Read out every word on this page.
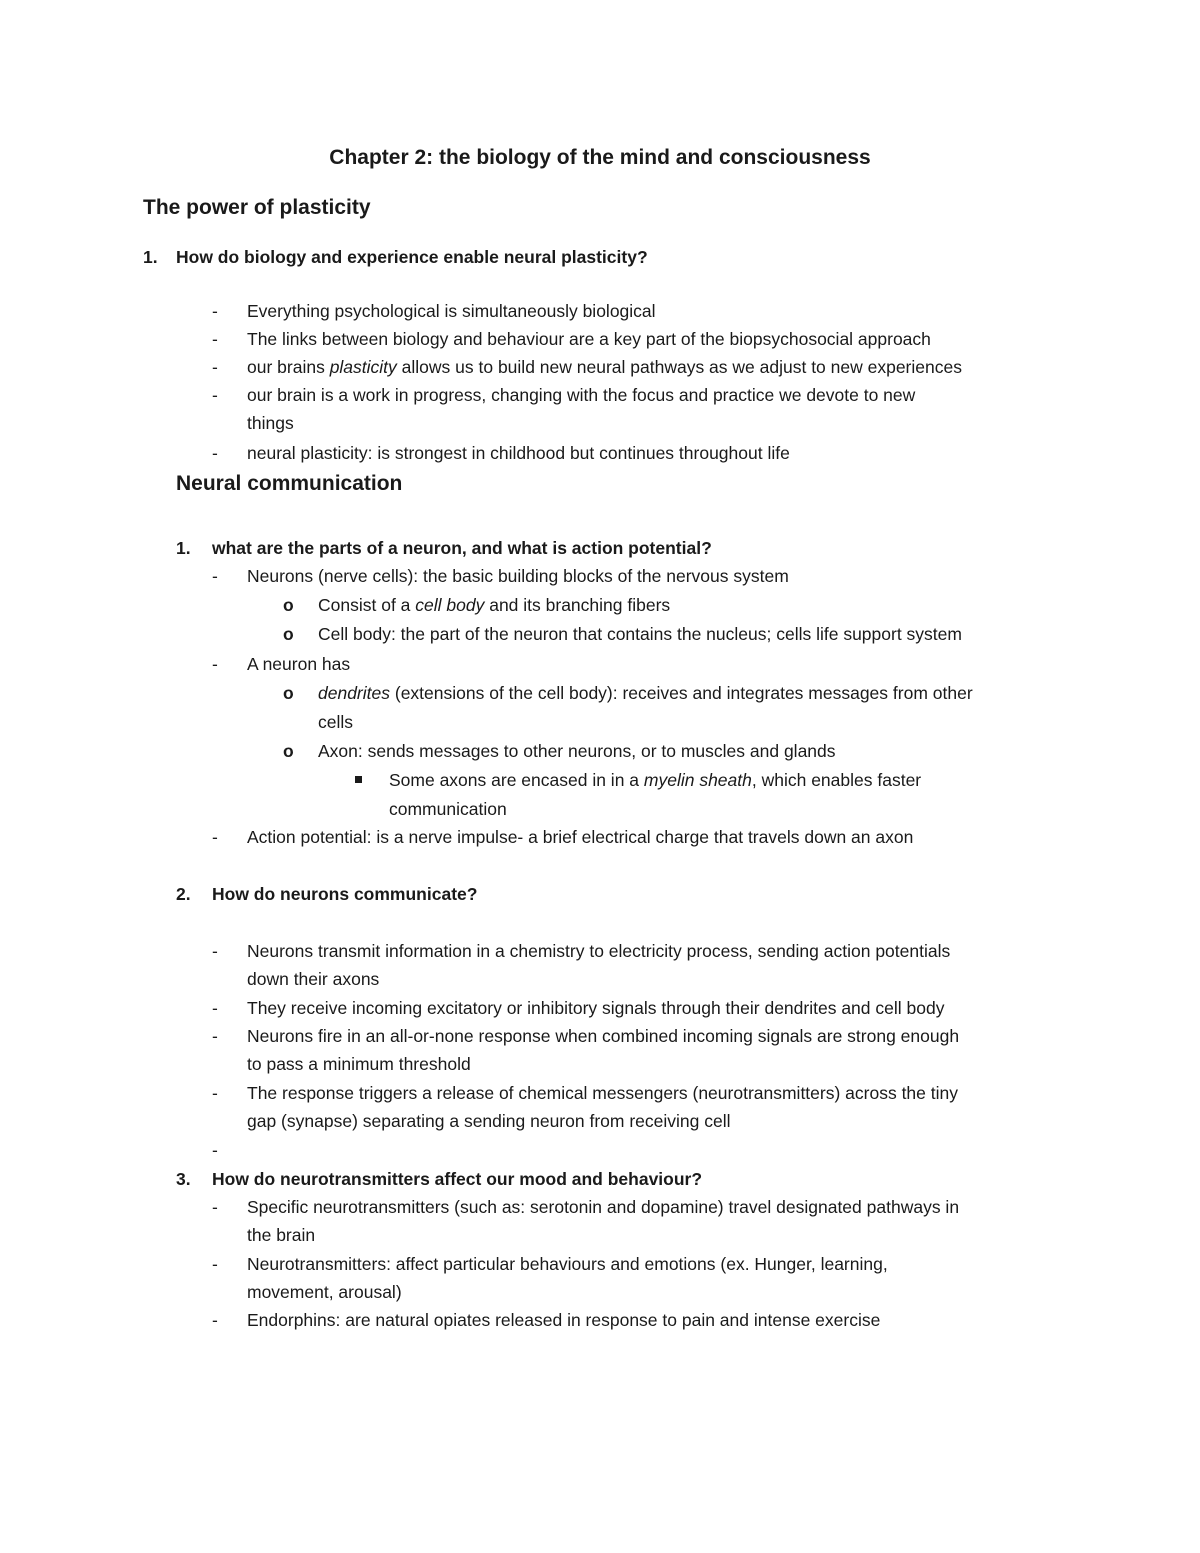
Chapter 2: the biology of the mind and consciousness
The power of plasticity
1. How do biology and experience enable neural plasticity?
- Everything psychological is simultaneously biological
- The links between biology and behaviour are a key part of the biopsychosocial approach
- our brains plasticity allows us to build new neural pathways as we adjust to new experiences
- our brain is a work in progress, changing with the focus and practice we devote to new
things
- neural plasticity: is strongest in childhood but continues throughout life
Neural communication
1. what are the parts of a neuron, and what is action potential?
- Neurons (nerve cells): the basic building blocks of the nervous system
o Consist of a cell body and its branching fibers
o Cell body: the part of the neuron that contains the nucleus; cells life support system
- A neuron has
o dendrites (extensions of the cell body): receives and integrates messages from other
cells
o Axon: sends messages to other neurons, or to muscles and glands
Some axons are encased in in a myelin sheath, which enables faster
communication
- Action potential: is a nerve impulse- a brief electrical charge that travels down an axon
2. How do neurons communicate?
- Neurons transmit information in a chemistry to electricity process, sending action potentials
down their axons
- They receive incoming excitatory or inhibitory signals through their dendrites and cell body
- Neurons fire in an all-or-none response when combined incoming signals are strong enough
to pass a minimum threshold
- The response triggers a release of chemical messengers (neurotransmitters) across the tiny
gap (synapse) separating a sending neuron from receiving cell
-
3. How do neurotransmitters affect our mood and behaviour?
- Specific neurotransmitters (such as: serotonin and dopamine) travel designated pathways in
the brain
- Neurotransmitters: affect particular behaviours and emotions (ex. Hunger, learning,
movement, arousal)
- Endorphins: are natural opiates released in response to pain and intense exercise
